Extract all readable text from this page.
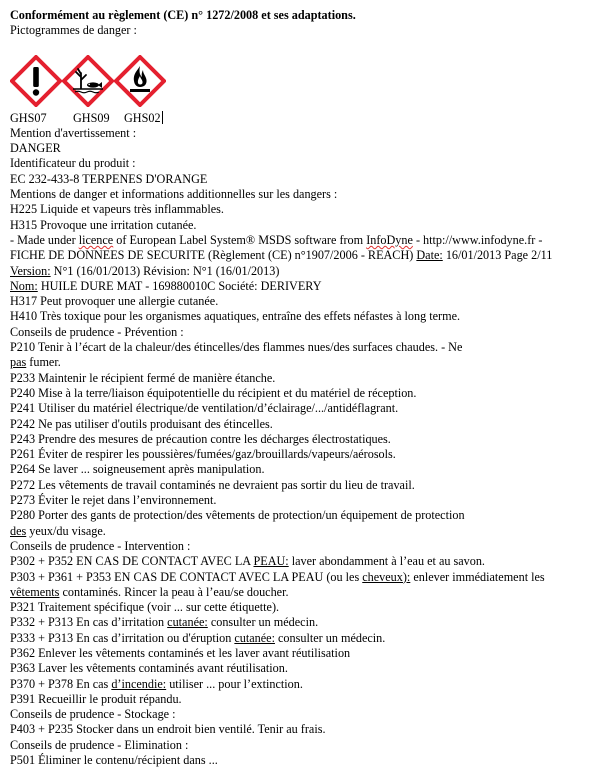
Conformément au règlement (CE) n° 1272/2008 et ses adaptations.
Pictogrammes de danger :
GHS07 GHS09 GHS02
Mention d'avertissement :
DANGER
Identificateur du produit :
EC 232-433-8 TERPENES D'ORANGE
Mentions de danger et informations additionnelles sur les dangers :
H225 Liquide et vapeurs très inflammables.
H315 Provoque une irritation cutanée.
- Made under licence of European Label System® MSDS software from InfoDyne - http://www.infodyne.fr -
FICHE DE DONNEES DE SECURITE (Règlement (CE) n°1907/2006 - REACH) Date: 16/01/2013 Page 2/11
Version: N°1 (16/01/2013) Révision: N°1 (16/01/2013)
Nom: HUILE DURE MAT - 169880010C Société: DERIVERY
H317 Peut provoquer une allergie cutanée.
H410 Très toxique pour les organismes aquatiques, entraîne des effets néfastes à long terme.
Conseils de prudence - Prévention :
P210 Tenir à l’écart de la chaleur/des étincelles/des flammes nues/des surfaces chaudes. - Ne
pas fumer.
P233 Maintenir le récipient fermé de manière étanche.
P240 Mise à la terre/liaison équipotentielle du récipient et du matériel de réception.
P241 Utiliser du matériel électrique/de ventilation/d’éclairage/.../antidéflagrant.
P242 Ne pas utiliser d'outils produisant des étincelles.
P243 Prendre des mesures de précaution contre les décharges électrostatiques.
P261 Éviter de respirer les poussières/fumées/gaz/brouillards/vapeurs/aérosols.
P264 Se laver ... soigneusement après manipulation.
P272 Les vêtements de travail contaminés ne devraient pas sortir du lieu de travail.
P273 Éviter le rejet dans l’environnement.
P280 Porter des gants de protection/des vêtements de protection/un équipement de protection
des yeux/du visage.
Conseils de prudence - Intervention :
P302 + P352 EN CAS DE CONTACT AVEC LA PEAU: laver abondamment à l’eau et au savon.
P303 + P361 + P353 EN CAS DE CONTACT AVEC LA PEAU (ou les cheveux): enlever immédiatement les
vêtements contaminés. Rincer la peau à l’eau/se doucher.
P321 Traitement spécifique (voir ... sur cette étiquette).
P332 + P313 En cas d’irritation cutanée: consulter un médecin.
P333 + P313 En cas d’irritation ou d'éruption cutanée: consulter un médecin.
P362 Enlever les vêtements contaminés et les laver avant réutilisation
P363 Laver les vêtements contaminés avant réutilisation.
P370 + P378 En cas d’incendie: utiliser ... pour l’extinction.
P391 Recueillir le produit répandu.
Conseils de prudence - Stockage :
P403 + P235 Stocker dans un endroit bien ventilé. Tenir au frais.
Conseils de prudence - Elimination :
P501 Éliminer le contenu/récipient dans ...
